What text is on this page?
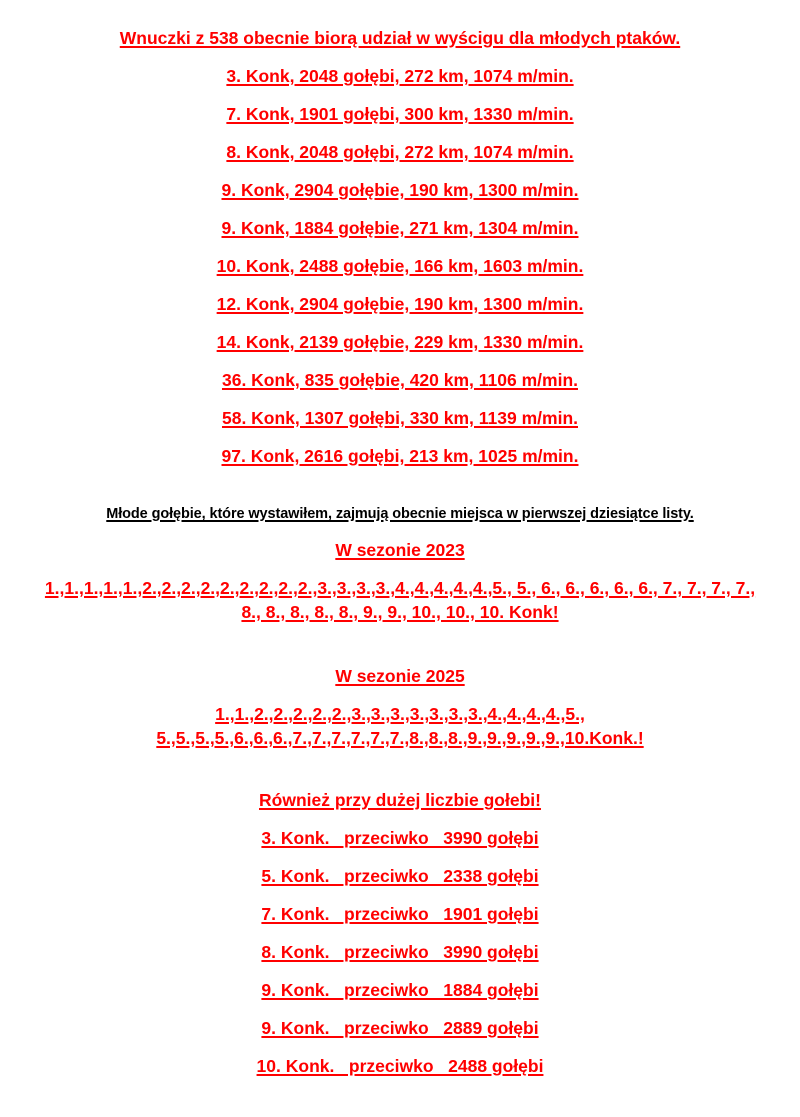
Wnuczki z 538 obecnie biorą udział w wyścigu dla młodych ptaków.
3. Konk, 2048 gołębi, 272 km, 1074 m/min.
7. Konk, 1901 gołębi, 300 km, 1330 m/min.
8. Konk, 2048 gołębi, 272 km, 1074 m/min.
9. Konk, 2904 gołębie, 190 km, 1300 m/min.
9. Konk, 1884 gołębie, 271 km, 1304 m/min.
10. Konk, 2488 gołębie, 166 km, 1603 m/min.
12. Konk, 2904 gołębie, 190 km, 1300 m/min.
14. Konk, 2139 gołębie, 229 km, 1330 m/min.
36. Konk, 835 gołębie, 420 km, 1106 m/min.
58. Konk, 1307 gołębi, 330 km, 1139 m/min.
97. Konk, 2616 gołębi, 213 km, 1025 m/min.
Młode gołębie, które wystawiłem, zajmują obecnie miejsca w pierwszej dziesiątce listy.
W sezonie 2023
1.,1.,1.,1.,1.,2.,2.,2.,2.,2.,2.,2.,2.,2.,3.,3.,3.,3.,4.,4.,4.,4.,4.,5., 5., 6., 6., 6., 6., 6., 7., 7., 7., 7.,
8., 8., 8., 8., 8., 9., 9., 10., 10., 10. Konk!
W sezonie 2025
1.,1.,2.,2.,2.,2.,2.,3.,3.,3.,3.,3.,3.,3.,4.,4.,4.,4.,5.,
5.,5.,5.,5.,6.,6.,6.,7.,7.,7.,7.,7.,7.,8.,8.,8.,9.,9.,9.,9.,9.,10.Konk.!
Również przy dużej liczbie gołebi!
3. Konk.   przeciwko   3990 gołębi
5. Konk.   przeciwko   2338 gołębi
7. Konk.   przeciwko   1901 gołębi
8. Konk.   przeciwko   3990 gołębi
9. Konk.   przeciwko   1884 gołębi
9. Konk.   przeciwko   2889 gołębi
10. Konk.   przeciwko   2488 gołębi
